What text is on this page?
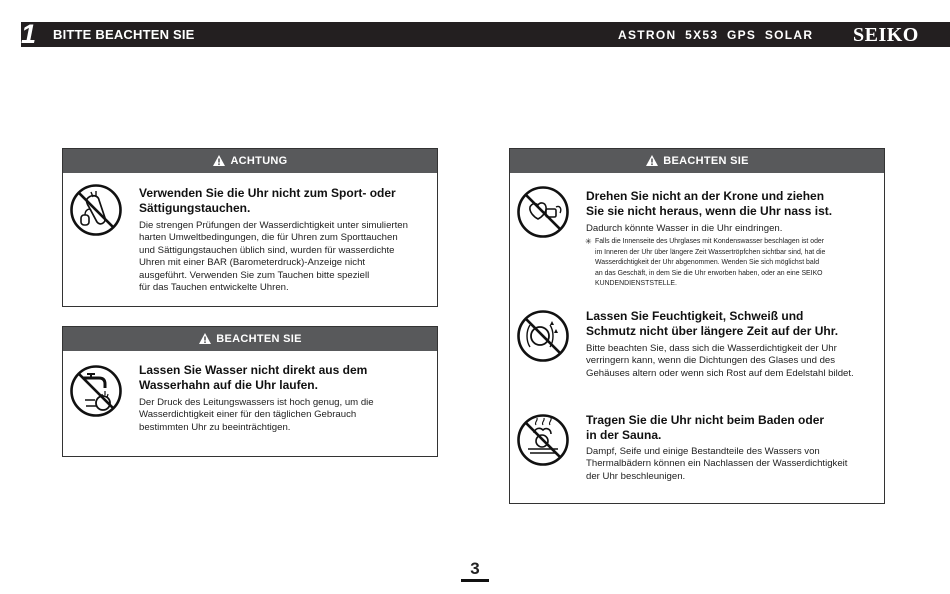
1 BITTE BEACHTEN SIE	ASTRON 5X53 GPS SOLAR SEIKO
ACHTUNG
Verwenden Sie die Uhr nicht zum Sport- oder
Sättigungstauchen.
Die strengen Prüfungen der Wasserdichtigkeit unter simulierten
harten Umweltbedingungen, die für Uhren zum Sporttauchen
und Sättigungstauchen üblich sind, wurden für wasserdichte
Uhren mit einer BAR (Barometerdruck)-Anzeige nicht
ausgeführt. Verwenden Sie zum Tauchen bitte speziell
für das Tauchen entwickelte Uhren.
BEACHTEN SIE
Lassen Sie Wasser nicht direkt aus dem
Wasserhahn auf die Uhr laufen.
Der Druck des Leitungswassers ist hoch genug, um die
Wasserdichtigkeit einer für den täglichen Gebrauch
bestimmten Uhr zu beeinträchtigen.
BEACHTEN SIE
Drehen Sie nicht an der Krone und ziehen
Sie sie nicht heraus, wenn die Uhr nass ist.
Dadurch könnte Wasser in die Uhr eindringen.
✳ Falls die Innenseite des Uhrglases mit Kondenswasser beschlagen ist oder
im Inneren der Uhr über längere Zeit Wassertröpfchen sichtbar sind, hat die
Wasserdichtigkeit der Uhr abgenommen. Wenden Sie sich möglichst bald
an das Geschäft, in dem Sie die Uhr erworben haben, oder an eine SEIKO
KUNDENDIENSTSTELLE.
Lassen Sie Feuchtigkeit, Schweiß und
Schmutz nicht über längere Zeit auf der Uhr.
Bitte beachten Sie, dass sich die Wasserdichtigkeit der Uhr
verringern kann, wenn die Dichtungen des Glases und des
Gehäuses altern oder wenn sich Rost auf dem Edelstahl bildet.
Tragen Sie die Uhr nicht beim Baden oder
in der Sauna.
Dampf, Seife und einige Bestandteile des Wassers von
Thermalbädern können ein Nachlassen der Wasserdichtigkeit
der Uhr beschleunigen.
3
